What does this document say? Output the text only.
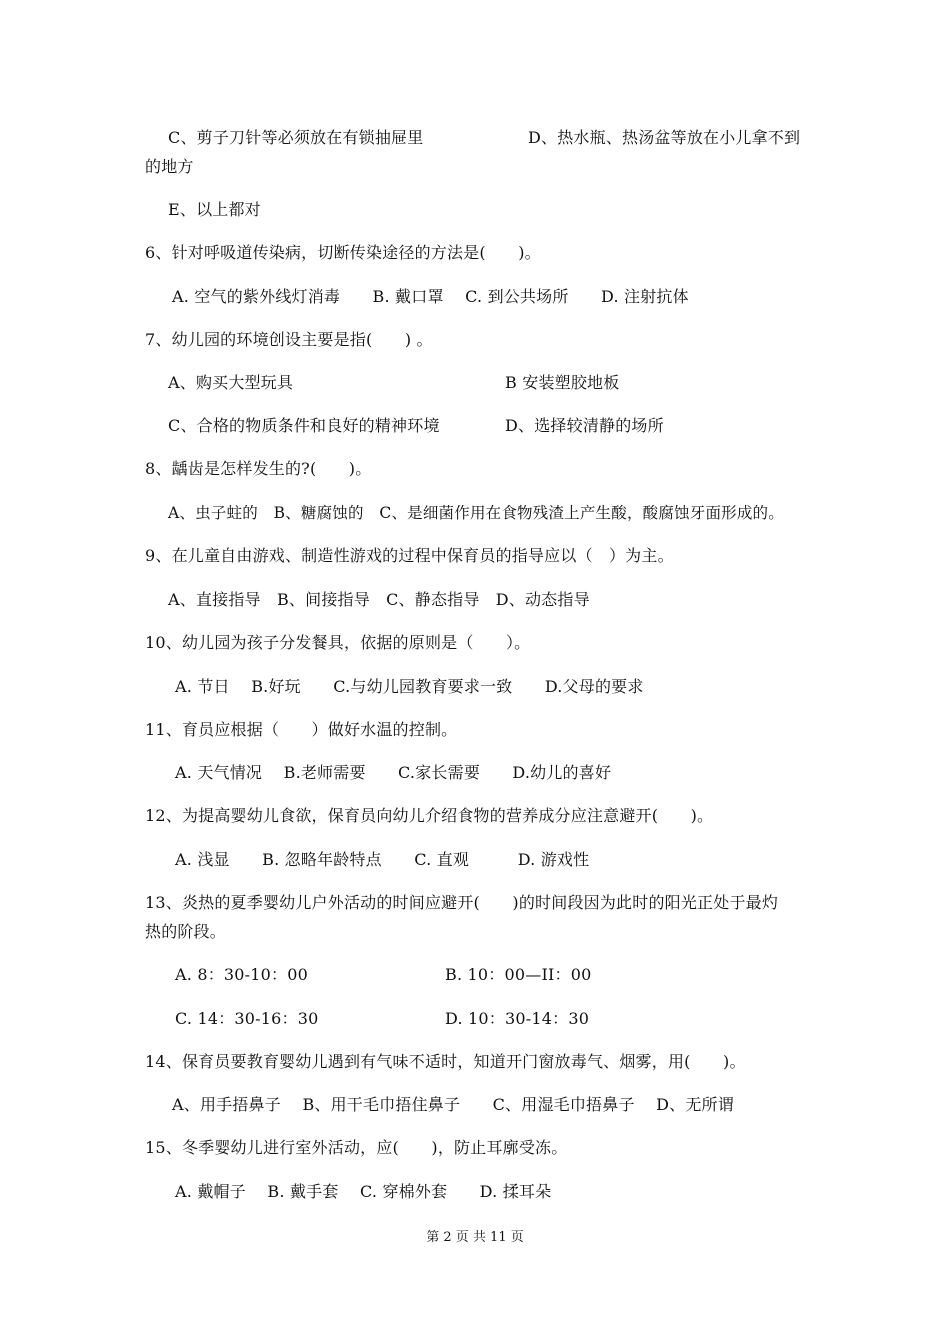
C、剪子刀针等必须放在有锁抽屉里	D、热水瓶、热汤盆等放在小儿拿不到
的地方
E、以上都对
6、针对呼吸道传染病，切断传染途径的方法是(　　)。
A. 空气的紫外线灯消毒　　B. 戴口罩　 C. 到公共场所　　D. 注射抗体
7、幼儿园的环境创设主要是指(　　) 。
A、购买大型玩具	B 安装塑胶地板
C、合格的物质条件和良好的精神环境	D、选择较清静的场所
8、龋齿是怎样发生的?(　　)。
A、虫子蛀的　B、糖腐蚀的　C、是细菌作用在食物残渣上产生酸，酸腐蚀牙面形成的。
9、在儿童自由游戏、制造性游戏的过程中保育员的指导应以（　）为主。
A、直接指导　B、间接指导　C、静态指导　D、动态指导
10、幼儿园为孩子分发餐具，依据的原则是（　　）。
A. 节日　 B.好玩　　C.与幼儿园教育要求一致　　D.父母的要求
11、育员应根据（　　）做好水温的控制。
A. 天气情况　 B.老师需要　　C.家长需要　　D.幼儿的喜好
12、为提高婴幼儿食欲，保育员向幼儿介绍食物的营养成分应注意避开(　　)。
A. 浅显　　B. 忽略年龄特点　　C. 直观　　　D. 游戏性
13、炎热的夏季婴幼儿户外活动的时间应避开(　　)的时间段因为此时的阳光正处于最灼
热的阶段。
A. 8：30-10：00	B. 10：00—II：00
C. 14：30-16：30	D. 10：30-14：30
14、保育员要教育婴幼儿遇到有气味不适时，知道开门窗放毒气、烟雾，用(　　)。
A、用手捂鼻子　 B、用干毛巾捂住鼻子　　C、用湿毛巾捂鼻子　 D、无所谓
15、冬季婴幼儿进行室外活动，应(　　)，防止耳廓受冻。
A. 戴帽子　 B. 戴手套　 C. 穿棉外套　　D. 揉耳朵
第 2 页 共 11 页
